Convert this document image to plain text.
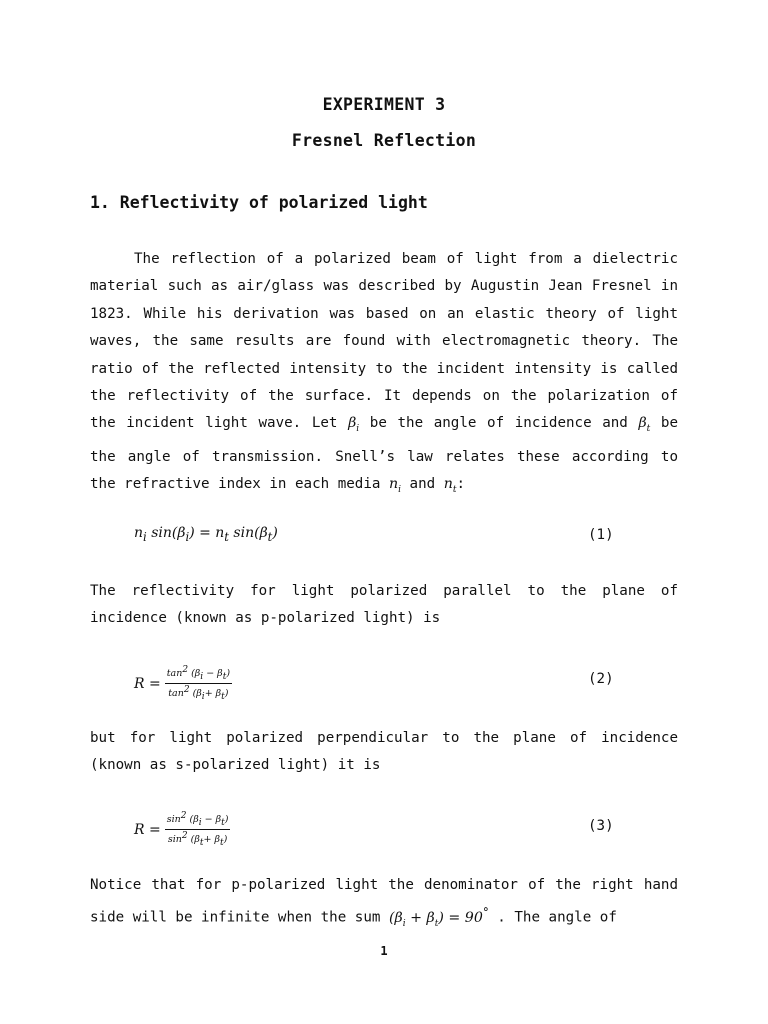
EXPERIMENT 3
Fresnel Reflection
1. Reflectivity of polarized light

The reflection of a polarized beam of light from a dielectric material such as air/glass was described by Augustin Jean Fresnel in 1823. While his derivation was based on an elastic theory of light waves, the same results are found with electromagnetic theory. The ratio of the reflected intensity to the incident intensity is called the reflectivity of the surface. It depends on the polarization of the incident light wave. Let $\beta_i$ be the angle of incidence and $\beta_t$ be the angle of transmission. Snell’s law relates these according to the refractive index in each media $n_i$ and $n_t$:

$n_i$ $\sin(\beta_i) = n_t$ $\sin(\beta_t)$	(1)

The reflectivity for light polarized parallel to the plane of incidence (known as p-polarized light) is

$R = \frac{\tan^2 (\beta_i - \beta_t)}{\tan^2 (\beta_i+ \beta_t)}$	(2)

but for light polarized perpendicular to the plane of incidence (known as s-polarized light) it is

$R = \frac{\sin^2 (\beta_i - \beta_t)}{\sin^2 (\beta_t+ \beta_t)}$	(3)

Notice that for p-polarized light the denominator of the right hand side will be infinite when the sum $(\beta_i + \beta_t) = 90^\circ$ . The angle of

1
